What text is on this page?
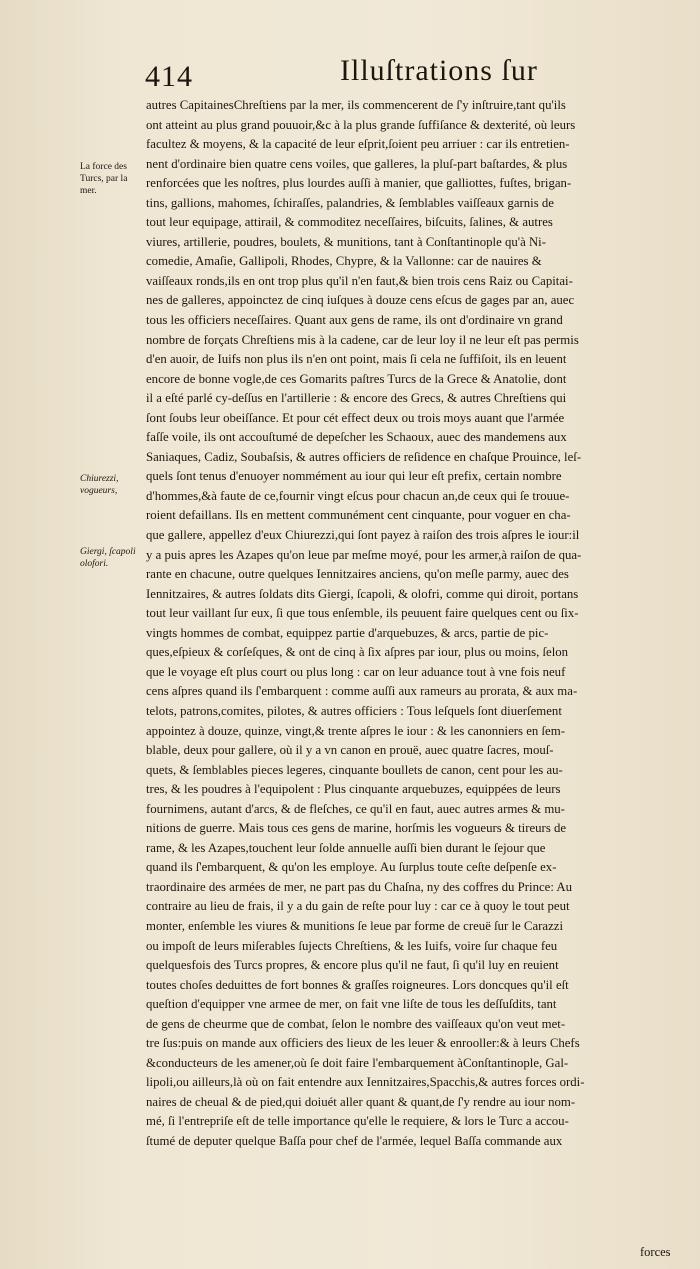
414	Illuſtrations ſur
La force des Turcs, par la mer.
Chiurezzi, vogueurs,
Giergi, ſcapoli olofori.
autres CapitainesChreſtiens par la mer, ils commencerent de ſ'y inſtruire,tant qu'ils
ont atteint au plus grand pouuoir,&c à la plus grande ſuffiſance & dexterité, où leurs
facultez & moyens, & la capacité de leur eſprit,ſoient peu arriuer : car ils entretien-
nent d'ordinaire bien quatre cens voiles, que galleres, la pluſ-part baſtardes, & plus
renforcées que les noſtres, plus lourdes auſſi à manier, que galliottes, fuſtes, brigan-
tins, gallions, mahomes, ſchiraſſes, palandries, & ſemblables vaiſſeaux garnis de
tout leur equipage, attirail, & commoditez neceſſaires, biſcuits, ſalines, & autres
viures, artillerie, poudres, boulets, & munitions, tant à Conſtantinople qu'à Ni-
comedie, Amaſie, Gallipoli, Rhodes, Chypre, & la Vallonne: car de nauires &
vaiſſeaux ronds,ils en ont trop plus qu'il n'en faut,& bien trois cens Raiz ou Capitai-
nes de galleres, appoinctez de cinq iuſques à douze cens eſcus de gages par an, auec
tous les officiers neceſſaires. Quant aux gens de rame, ils ont d'ordinaire vn grand
nombre de forçats Chreſtiens mis à la cadene, car de leur loy il ne leur eſt pas permis
d'en auoir, de Iuifs non plus ils n'en ont point, mais ſi cela ne ſuffiſoit, ils en leuent
encore de bonne vogle,de ces Gomarits paſtres Turcs de la Grece & Anatolie, dont
il a eſté parlé cy-deſſus en l'artillerie : & encore des Grecs, & autres Chreſtiens qui
ſont ſoubs leur obeiſſance. Et pour cét effect deux ou trois moys auant que l'armée
faſſe voile, ils ont accouſtumé de depeſcher les Schaoux, auec des mandemens aux
Saniaques, Cadiz, Soubaſsis, & autres officiers de reſidence en chaſque Prouince, leſ-
quels ſont tenus d'enuoyer nommément au iour qui leur eſt prefix, certain nombre
d'hommes,&à faute de ce,fournir vingt eſcus pour chacun an,de ceux qui ſe trouue-
roient defaillans. Ils en mettent communément cent cinquante, pour voguer en cha-
que gallere, appellez d'eux Chiurezzi,qui ſont payez à raiſon des trois aſpres le iour:il
y a puis apres les Azapes qu'on leue par meſme moyé, pour les armer,à raiſon de qua-
rante en chacune, outre quelques Iennitzaires anciens, qu'on meſle parmy, auec des
Iennitzaires, & autres ſoldats dits Giergi, ſcapoli, & olofri, comme qui diroit, portans
tout leur vaillant ſur eux, ſi que tous enſemble, ils peuuent faire quelques cent ou ſix-
vingts hommes de combat, equippez partie d'arquebuzes, & arcs, partie de pic-
ques,eſpieux & corſeſques, & ont de cinq à ſix aſpres par iour, plus ou moins, ſelon
que le voyage eſt plus court ou plus long : car on leur aduance tout à vne fois neuf
cens aſpres quand ils ſ'embarquent : comme auſſi aux rameurs au prorata, & aux ma-
telots, patrons,comites, pilotes, & autres officiers : Tous leſquels ſont diuerſement
appointez à douze, quinze, vingt,& trente aſpres le iour : & les canonniers en ſem-
blable, deux pour gallere, où il y a vn canon en prouë, auec quatre ſacres, mouſ-
quets, & ſemblables pieces legeres, cinquante boullets de canon, cent pour les au-
tres, & les poudres à l'equipolent : Plus cinquante arquebuzes, equippées de leurs
fournimens, autant d'arcs, & de fleſches, ce qu'il en faut, auec autres armes & mu-
nitions de guerre. Mais tous ces gens de marine, horſmis les vogueurs & tireurs de
rame, & les Azapes,touchent leur ſolde annuelle auſſi bien durant le ſejour que
quand ils ſ'embarquent, & qu'on les employe. Au ſurplus toute ceſte deſpenſe ex-
traordinaire des armées de mer, ne part pas du Chaſna, ny des coffres du Prince: Au
contraire au lieu de frais, il y a du gain de reſte pour luy : car ce à quoy le tout peut
monter, enſemble les viures & munitions ſe leue par forme de creuë ſur le Carazzi
ou impoſt de leurs miſerables ſujects Chreſtiens, & les Iuifs, voire ſur chaque feu
quelquesfois des Turcs propres, & encore plus qu'il ne faut, ſi qu'il luy en reuient
toutes choſes deduittes de fort bonnes & graſſes roigneures. Lors doncques qu'il eſt
queſtion d'equipper vne armee de mer, on fait vne liſte de tous les deſſuſdits, tant
de gens de cheurme que de combat, ſelon le nombre des vaiſſeaux qu'on veut met-
tre ſus:puis on mande aux officiers des lieux de les leuer & enrooller:& à leurs Chefs
&conducteurs de les amener,où ſe doit faire l'embarquement àConſtantinople, Gal-
lipoli,ou ailleurs,là où on fait entendre aux Iennitzaires,Spacchis,& autres forces ordi-
naires de cheual & de pied,qui doiuét aller quant & quant,de ſ'y rendre au iour nom-
mé, ſi l'entrepriſe eſt de telle importance qu'elle le requiere, & lors le Turc a accou-
ſtumé de deputer quelque Baſſa pour chef de l'armée, lequel Baſſa commande aux
forces
